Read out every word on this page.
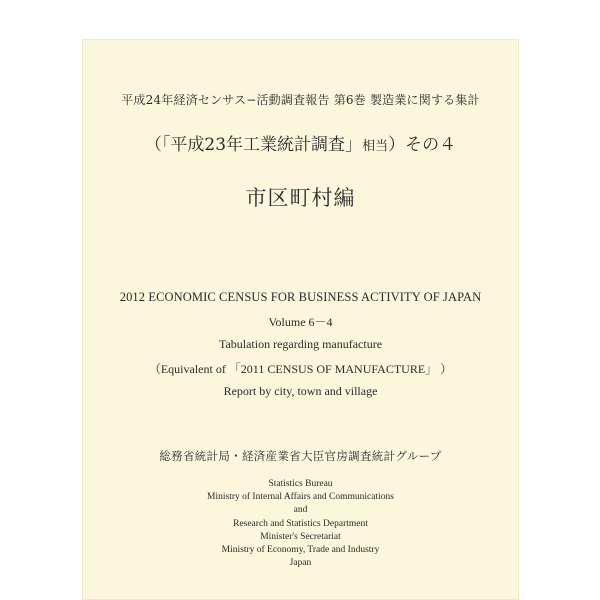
平成24年経済センサス−活動調査報告 第6巻 製造業に関する集計
（「平成23年工業統計調査」相当）その４
市区町村編
2012 ECONOMIC CENSUS FOR BUSINESS ACTIVITY OF JAPAN
Volume 6－4
Tabulation regarding manufacture
（Equivalent of 「2011 CENSUS OF MANUFACTURE」 ）
Report by city, town and village
総務省統計局・経済産業省大臣官房調査統計グループ
Statistics Bureau
Ministry of Internal Affairs and Communications
and
Research and Statistics Department
Minister's Secretariat
Ministry of Economy, Trade and Industry
Japan
